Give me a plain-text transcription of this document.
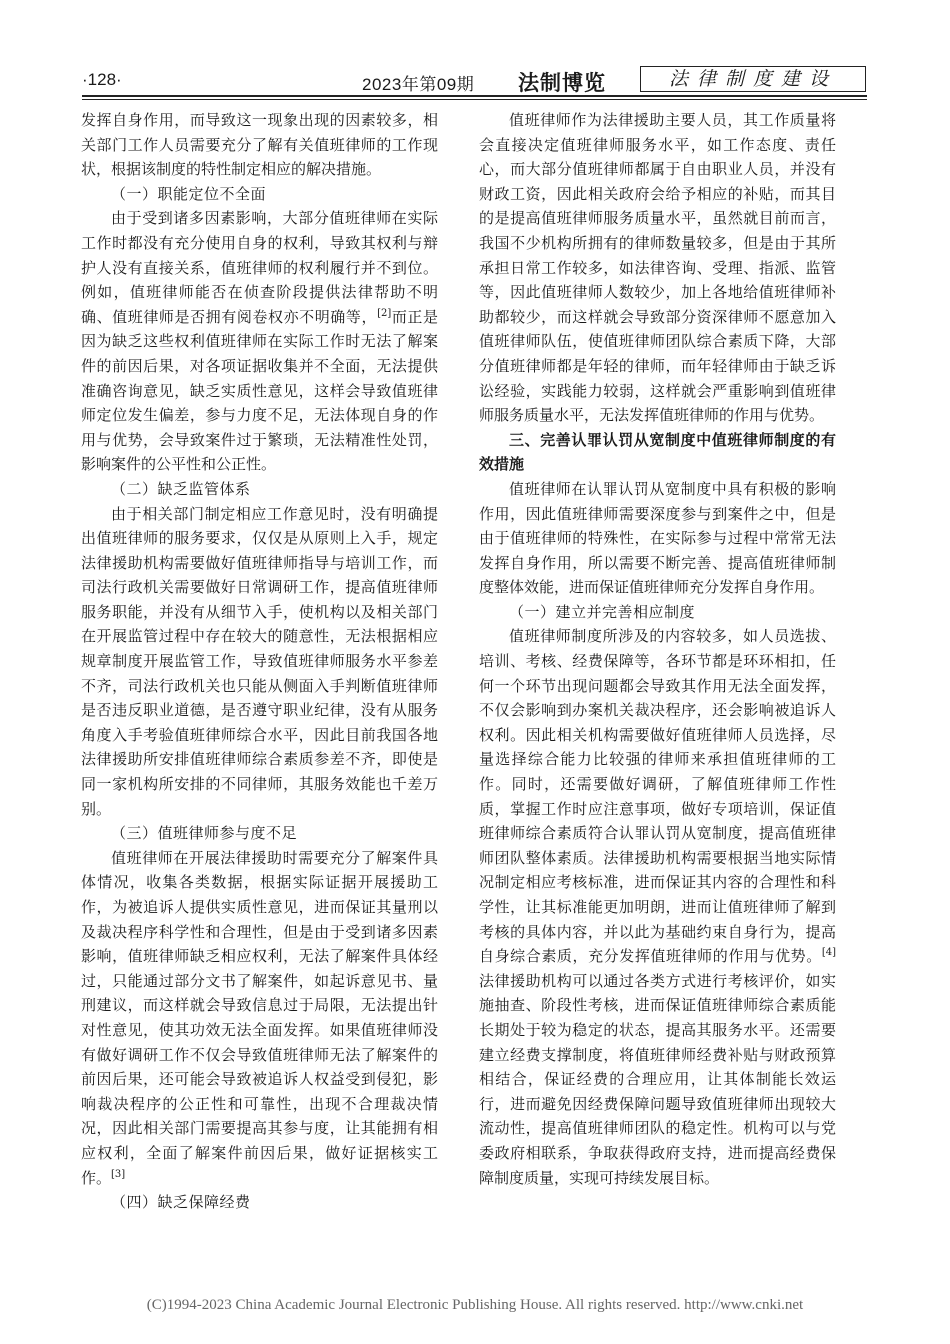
·128·	2023年第09期 法制博览	法律制度建设

发挥自身作用，而导致这一现象出现的因素较多，相关部门工作人员需要充分了解有关值班律师的工作现状，根据该制度的特性制定相应的解决措施。

（一）职能定位不全面

由于受到诸多因素影响，大部分值班律师在实际工作时都没有充分使用自身的权利，导致其权利与辩护人没有直接关系，值班律师的权利履行并不到位。例如，值班律师能否在侦查阶段提供法律帮助不明确、值班律师是否拥有阅卷权亦不明确等，[2]而正是因为缺乏这些权利值班律师在实际工作时无法了解案件的前因后果，对各项证据收集并不全面，无法提供准确咨询意见，缺乏实质性意见，这样会导致值班律师定位发生偏差，参与力度不足，无法体现自身的作用与优势，会导致案件过于繁琐，无法精准性处罚，影响案件的公平性和公正性。

（二）缺乏监管体系

由于相关部门制定相应工作意见时，没有明确提出值班律师的服务要求，仅仅是从原则上入手，规定法律援助机构需要做好值班律师指导与培训工作，而司法行政机关需要做好日常调研工作，提高值班律师服务职能，并没有从细节入手，使机构以及相关部门在开展监管过程中存在较大的随意性，无法根据相应规章制度开展监管工作，导致值班律师服务水平参差不齐，司法行政机关也只能从侧面入手判断值班律师是否违反职业道德，是否遵守职业纪律，没有从服务角度入手考验值班律师综合水平，因此目前我国各地法律援助所安排值班律师综合素质参差不齐，即使是同一家机构所安排的不同律师，其服务效能也千差万别。

（三）值班律师参与度不足

值班律师在开展法律援助时需要充分了解案件具体情况，收集各类数据，根据实际证据开展援助工作，为被追诉人提供实质性意见，进而保证其量刑以及裁决程序科学性和合理性，但是由于受到诸多因素影响，值班律师缺乏相应权利，无法了解案件具体经过，只能通过部分文书了解案件，如起诉意见书、量刑建议，而这样就会导致信息过于局限，无法提出针对性意见，使其功效无法全面发挥。如果值班律师没有做好调研工作不仅会导致值班律师无法了解案件的前因后果，还可能会导致被追诉人权益受到侵犯，影响裁决程序的公正性和可靠性，出现不合理裁决情况，因此相关部门需要提高其参与度，让其能拥有相应权利，全面了解案件前因后果，做好证据核实工作。[3]

（四）缺乏保障经费

值班律师作为法律援助主要人员，其工作质量将会直接决定值班律师服务水平，如工作态度、责任心，而大部分值班律师都属于自由职业人员，并没有财政工资，因此相关政府会给予相应的补贴，而其目的是提高值班律师服务质量水平，虽然就目前而言，我国不少机构所拥有的律师数量较多，但是由于其所承担日常工作较多，如法律咨询、受理、指派、监管等，因此值班律师人数较少，加上各地给值班律师补助都较少，而这样就会导致部分资深律师不愿意加入值班律师队伍，使值班律师团队综合素质下降，大部分值班律师都是年轻的律师，而年轻律师由于缺乏诉讼经验，实践能力较弱，这样就会严重影响到值班律师服务质量水平，无法发挥值班律师的作用与优势。

三、完善认罪认罚从宽制度中值班律师制度的有效措施

值班律师在认罪认罚从宽制度中具有积极的影响作用，因此值班律师需要深度参与到案件之中，但是由于值班律师的特殊性，在实际参与过程中常常无法发挥自身作用，所以需要不断完善、提高值班律师制度整体效能，进而保证值班律师充分发挥自身作用。

（一）建立并完善相应制度

值班律师制度所涉及的内容较多，如人员选拔、培训、考核、经费保障等，各环节都是环环相扣，任何一个环节出现问题都会导致其作用无法全面发挥，不仅会影响到办案机关裁决程序，还会影响被追诉人权利。因此相关机构需要做好值班律师人员选择，尽量选择综合能力比较强的律师来承担值班律师的工作。同时，还需要做好调研，了解值班律师工作性质，掌握工作时应注意事项，做好专项培训，保证值班律师综合素质符合认罪认罚从宽制度，提高值班律师团队整体素质。法律援助机构需要根据当地实际情况制定相应考核标准，进而保证其内容的合理性和科学性，让其标准能更加明朗，进而让值班律师了解到考核的具体内容，并以此为基础约束自身行为，提高自身综合素质，充分发挥值班律师的作用与优势。[4]法律援助机构可以通过各类方式进行考核评价，如实施抽查、阶段性考核，进而保证值班律师综合素质能长期处于较为稳定的状态，提高其服务水平。还需要建立经费支撑制度，将值班律师经费补贴与财政预算相结合，保证经费的合理应用，让其体制能长效运行，进而避免因经费保障问题导致值班律师出现较大流动性，提高值班律师团队的稳定性。机构可以与党委政府相联系，争取获得政府支持，进而提高经费保障制度质量，实现可持续发展目标。

(C)1994-2023 China Academic Journal Electronic Publishing House. All rights reserved. http://www.cnki.net
